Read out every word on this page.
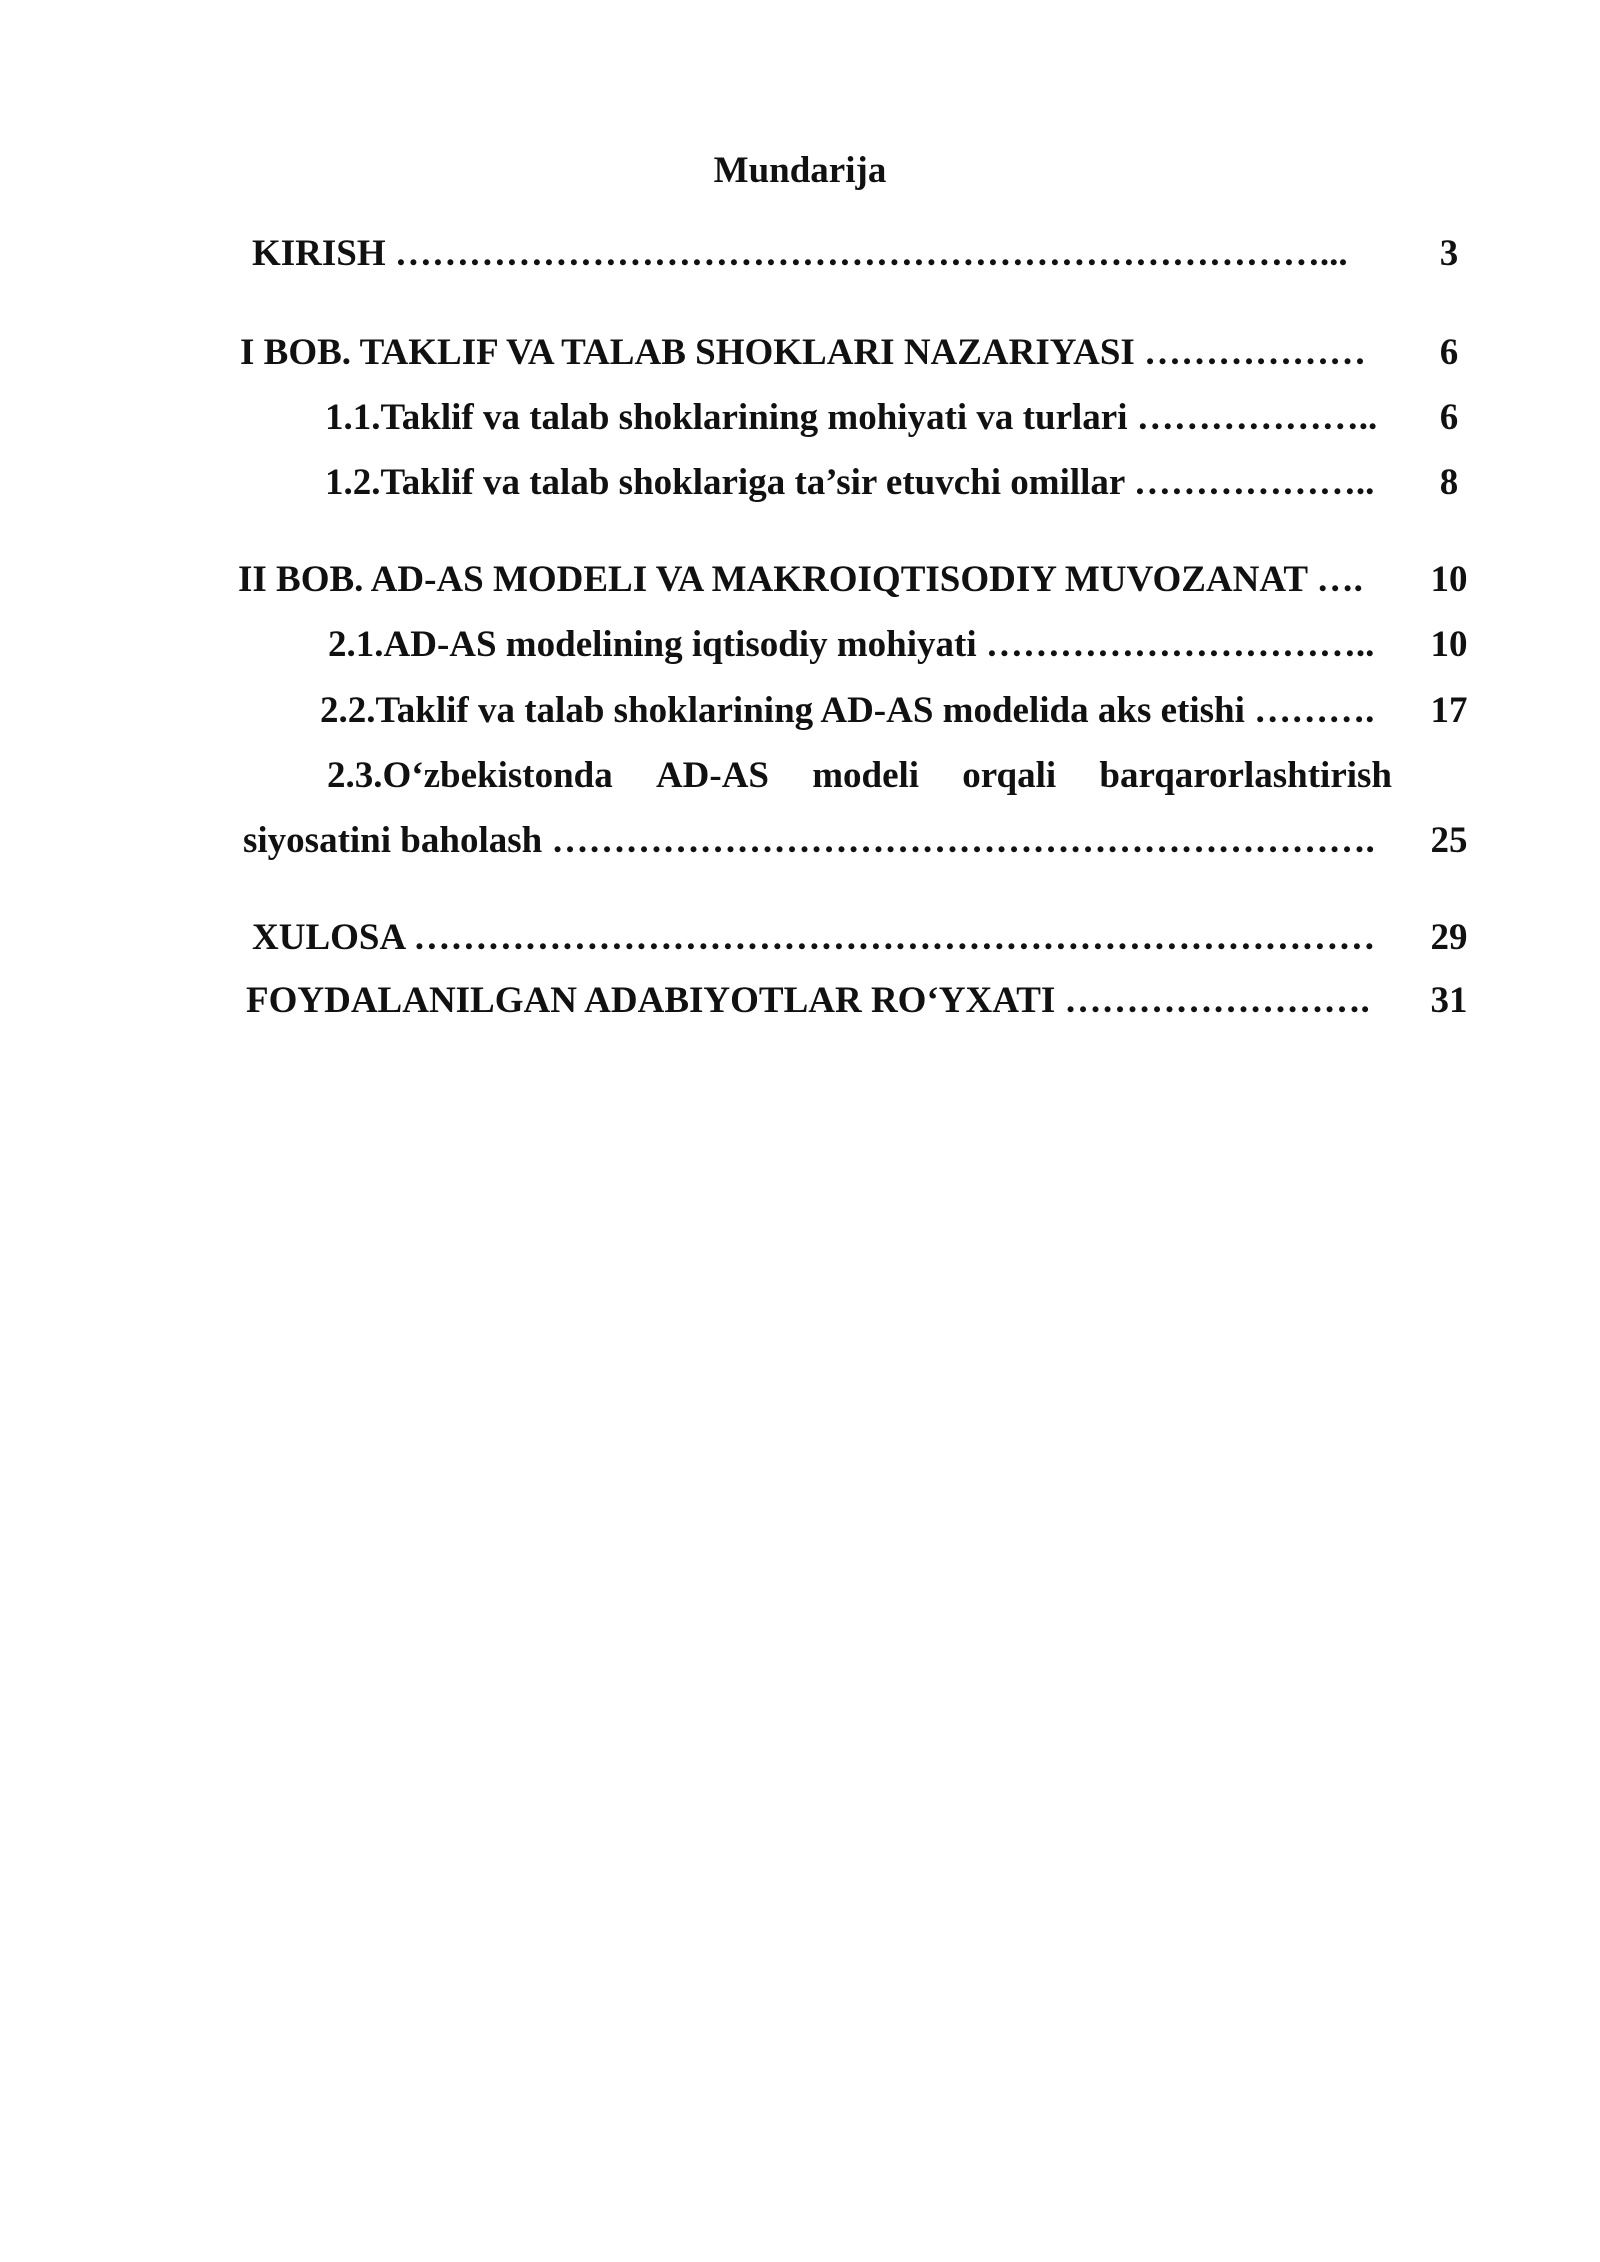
Mundarija
KIRISH …………………………………………………………………...	3
I BOB. TAKLIF VA TALAB SHOKLARI NAZARIYASI ………………	6
1.1.Taklif va talab shoklarining mohiyati va turlari ………………..	6
1.2.Taklif va talab shoklariga ta’sir etuvchi omillar ………………..	8
II BOB. AD-AS MODELI VA MAKROIQTISODIY MUVOZANAT ….	10
2.1.AD-AS modelining iqtisodiy mohiyati …………………………..	10
2.2.Taklif va talab shoklarining AD-AS modelida aks etishi ……….	17
2.3.O‘zbekistonda AD-AS modeli orqali barqarorlashtirish
siyosatini baholash ………………………………………………………….	25
XULOSA ……………………………………………………………………	29
FOYDALANILGAN ADABIYOTLAR RO‘YXATI …………………….	31
